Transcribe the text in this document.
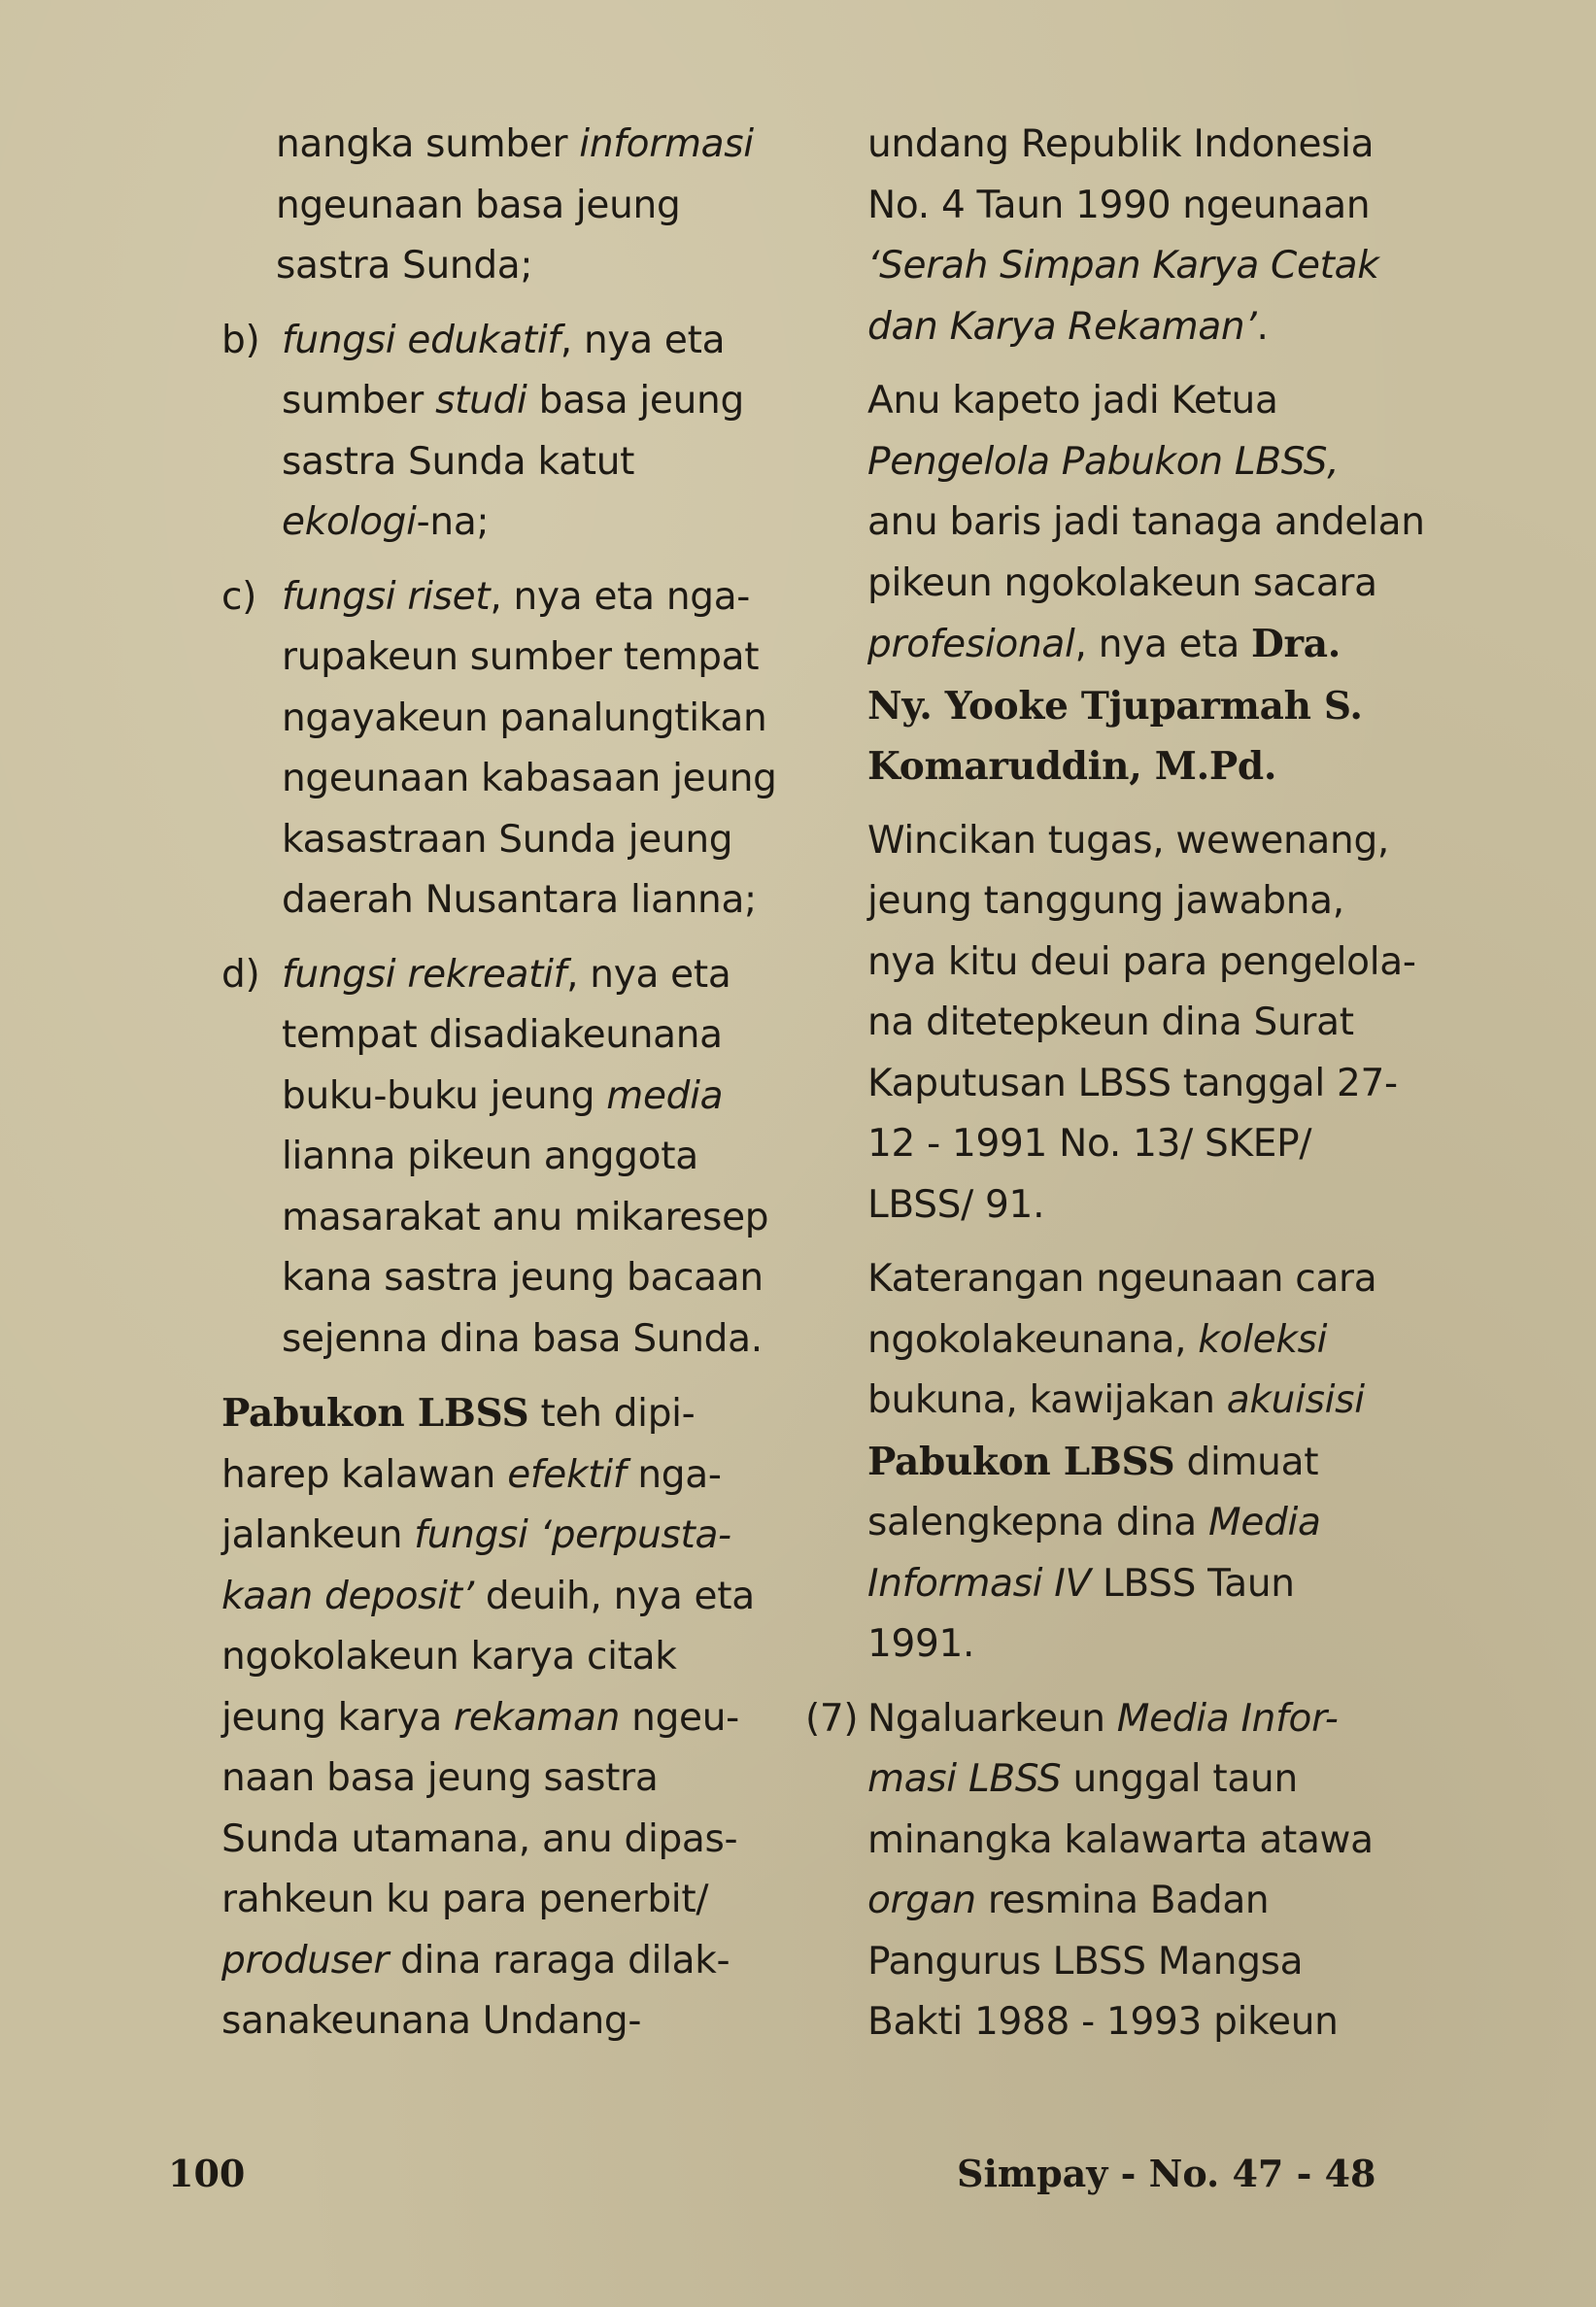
nangka sumber informasi
ngeunaan basa jeung
sastra Sunda;
b) fungsi edukatif, nya eta
sumber studi basa jeung
sastra Sunda katut
ekologi-na;
c) fungsi riset, nya eta nga-
rupakeun sumber tempat
ngayakeun panalungtikan
ngeunaan kabasaan jeung
kasastraan Sunda jeung
daerah Nusantara lianna;
d) fungsi rekreatif, nya eta
tempat disadiakeunana
buku-buku jeung media
lianna pikeun anggota
masarakat anu mikaresep
kana sastra jeung bacaan
sejenna dina basa Sunda.
Pabukon LBSS teh dipi-
harep kalawan efektif nga-
jalankeun fungsi ‘perpusta-
kaan deposit’ deuih, nya eta
ngokolakeun karya citak
jeung karya rekaman ngeu-
naan basa jeung sastra
Sunda utamana, anu dipas-
rahkeun ku para penerbit/
produser dina raraga dilak-
sanakeunana Undang-
undang Republik Indonesia
No. 4 Taun 1990 ngeunaan
‘Serah Simpan Karya Cetak
dan Karya Rekaman’.
Anu kapeto jadi Ketua
Pengelola Pabukon LBSS,
anu baris jadi tanaga andelan
pikeun ngokolakeun sacara
profesional, nya eta Dra.
Ny. Yooke Tjuparmah S.
Komaruddin, M.Pd.
Wincikan tugas, wewenang,
jeung tanggung jawabna,
nya kitu deui para pengelola-
na ditetepkeun dina Surat
Kaputusan LBSS tanggal 27-
12 - 1991 No. 13/ SKEP/
LBSS/ 91.
Katerangan ngeunaan cara
ngokolakeunana, koleksi
bukuna, kawijakan akuisisi
Pabukon LBSS dimuat
salengkepna dina Media
Informasi IV LBSS Taun
1991.
(7) Ngaluarkeun Media Infor-
masi LBSS unggal taun
minangka kalawarta atawa
organ resmina Badan
Pangurus LBSS Mangsa
Bakti 1988 - 1993 pikeun
100	Simpay - No. 47 - 48
